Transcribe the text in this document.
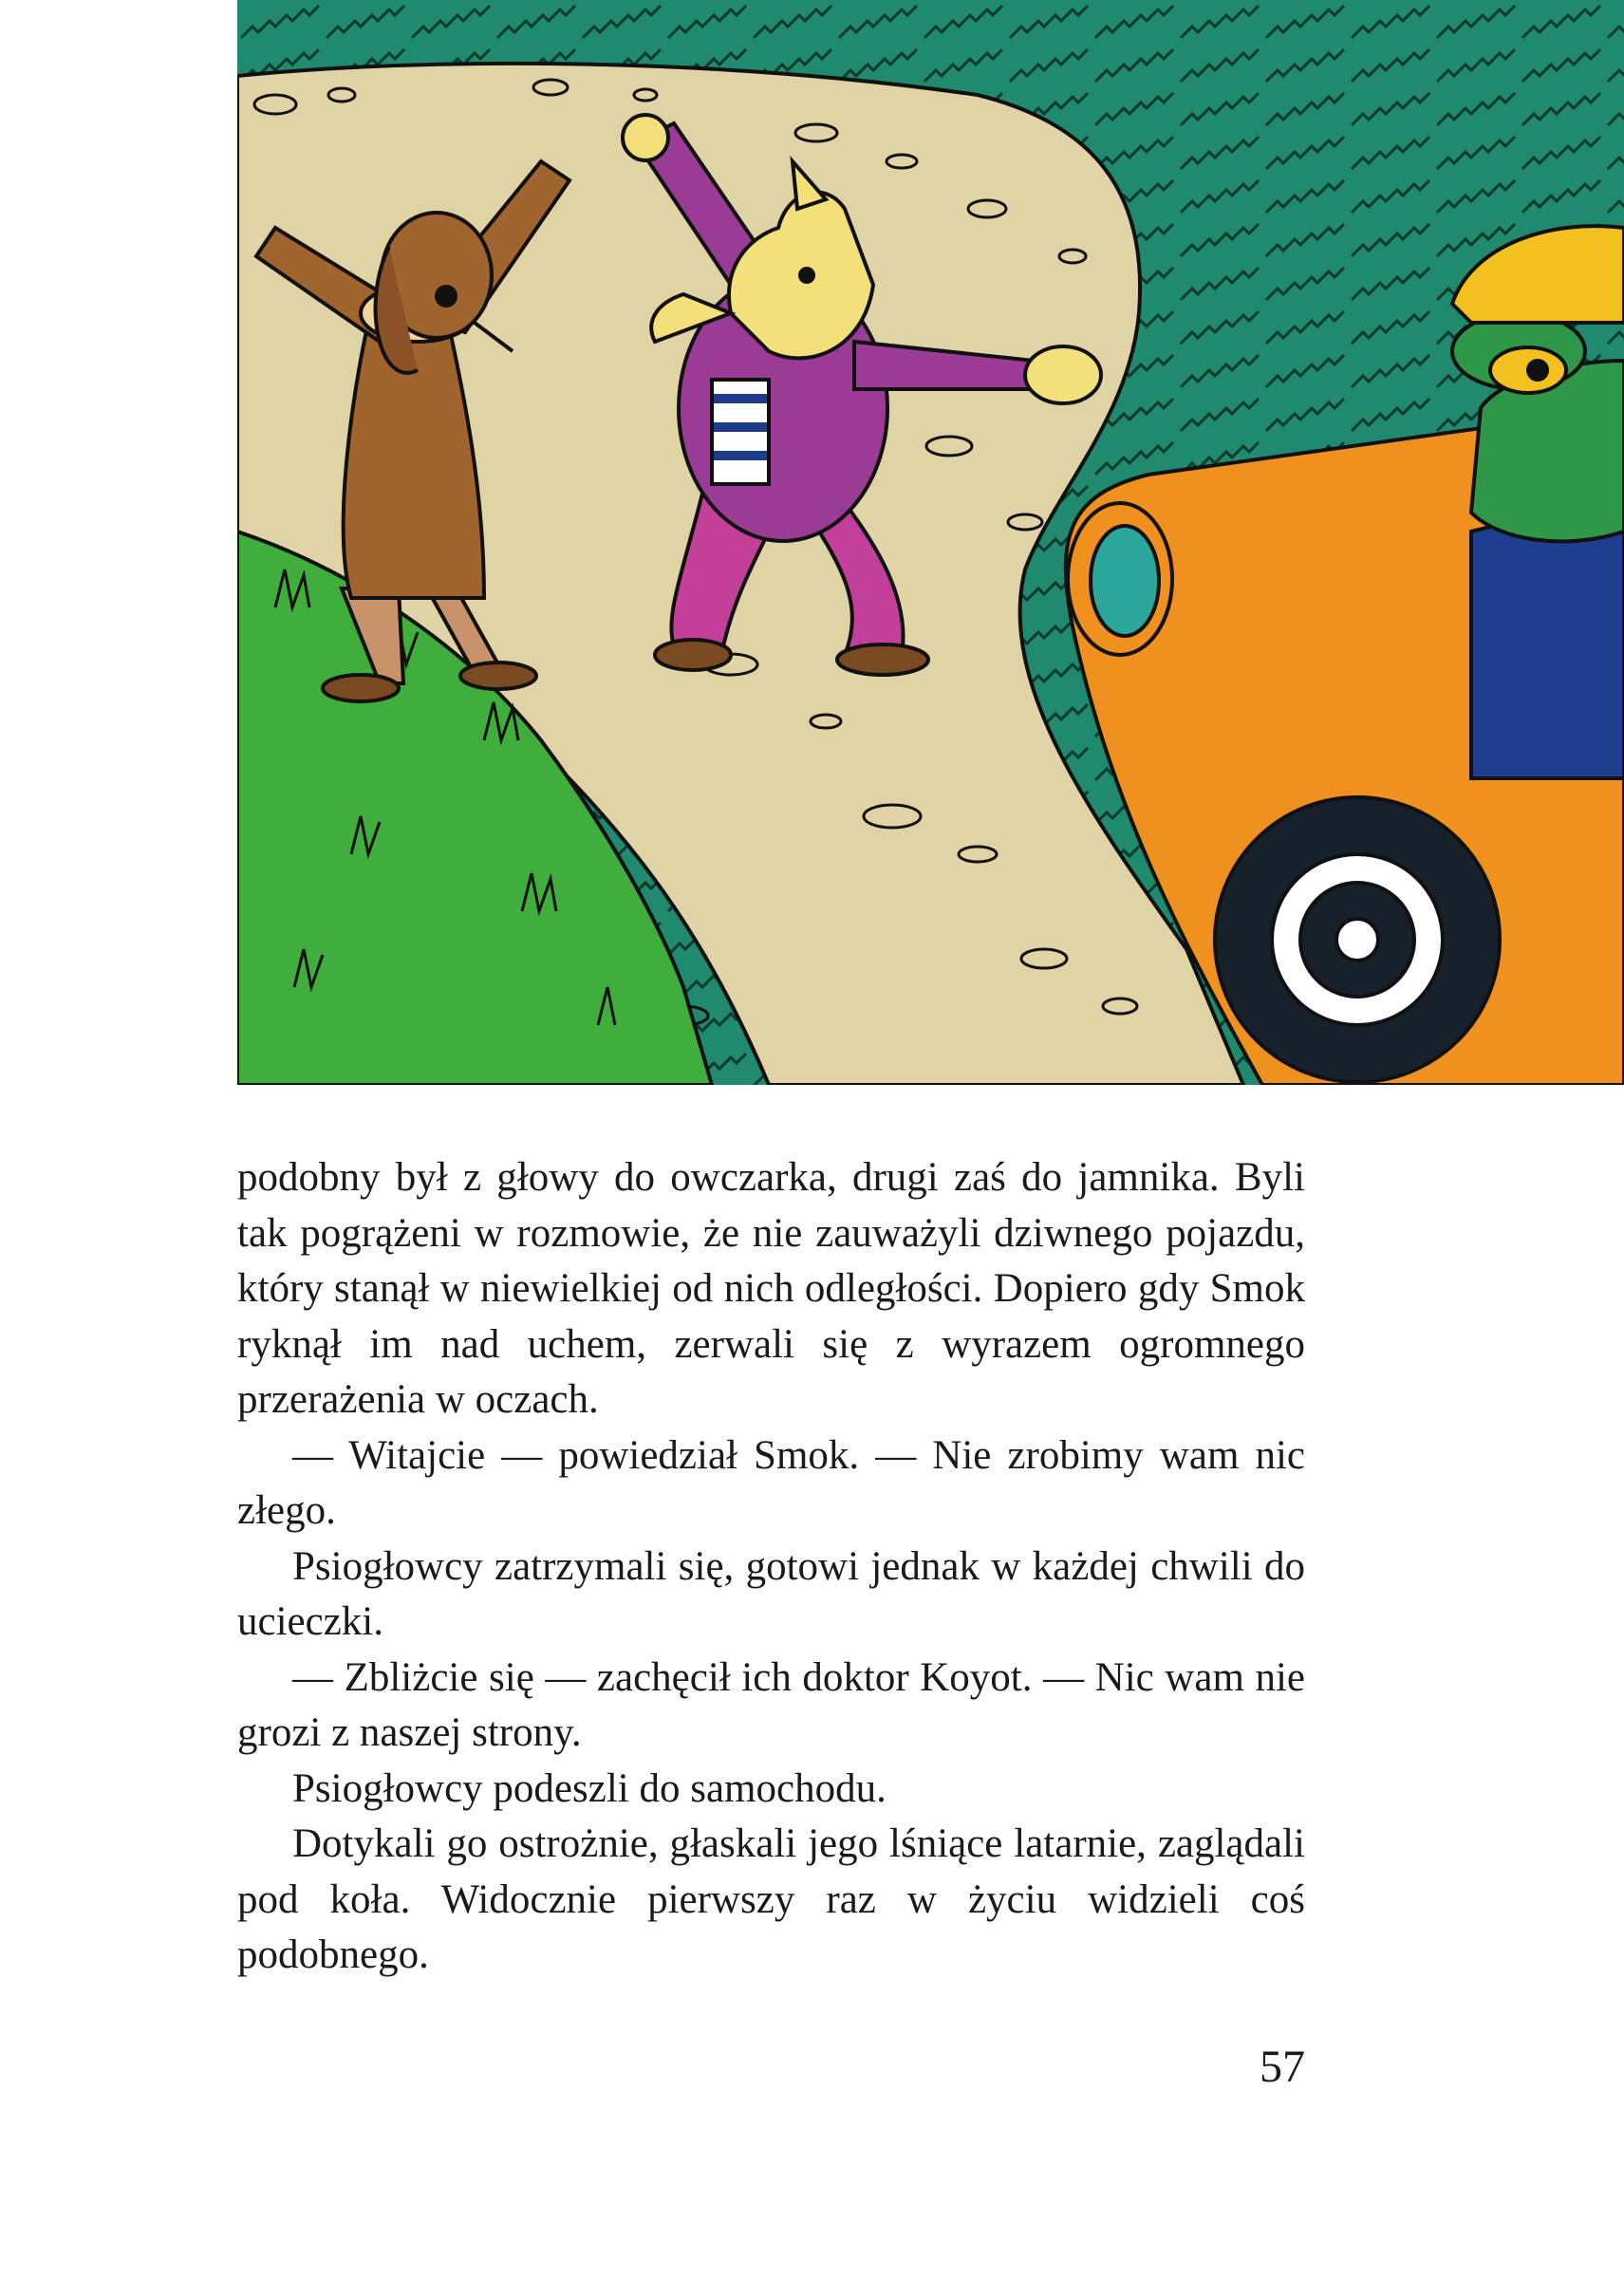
podobny był z głowy do owczarka, drugi zaś do jamnika. Byli tak pogrążeni w rozmowie, że nie zauważyli dziwnego pojazdu, który stanął w niewielkiej od nich odległości. Dopiero gdy Smok ryknął im nad uchem, zerwali się z wyrazem ogromnego przerażenia w oczach.

— Witajcie — powiedział Smok. — Nie zrobimy wam nic złego.

Psiogłowcy zatrzymali się, gotowi jednak w każdej chwili do ucieczki.

— Zbliżcie się — zachęcił ich doktor Koyot. — Nic wam nie grozi z naszej strony.

Psiogłowcy podeszli do samochodu.

Dotykali go ostrożnie, głaskali jego lśniące latarnie, zaglądali pod koła. Widocznie pierwszy raz w życiu widzieli coś podobnego.

57
